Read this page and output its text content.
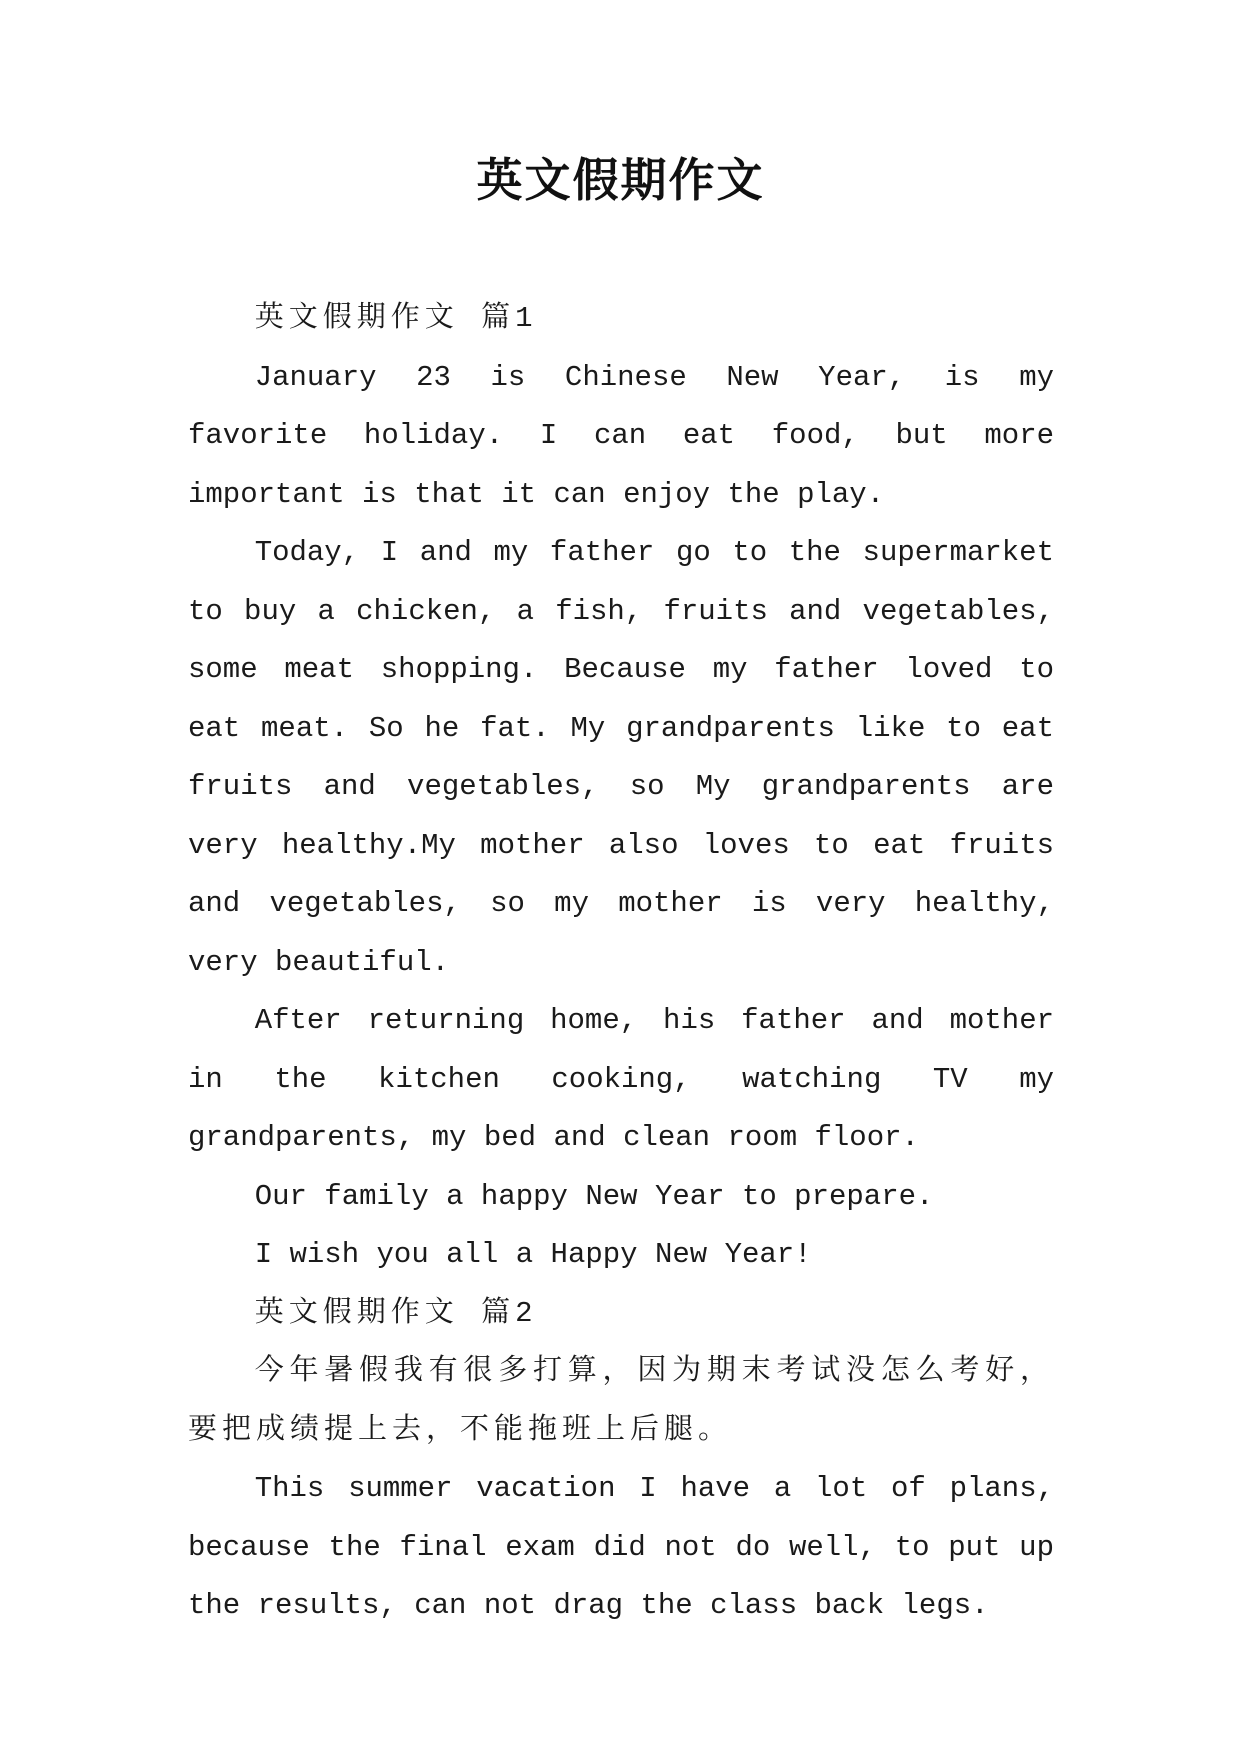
英文假期作文
英文假期作文 篇1

January 23 is Chinese New Year, is my favorite holiday. I can eat food, but more important is that it can enjoy the play.

Today, I and my father go to the supermarket to buy a chicken, a fish, fruits and vegetables, some meat shopping. Because my father loved to eat meat. So he fat. My grandparents like to eat fruits and vegetables, so My grandparents are very healthy.My mother also loves to eat fruits and vegetables, so my mother is very healthy, very beautiful.

After returning home, his father and mother in the kitchen cooking, watching TV my grandparents, my bed and clean room floor.

Our family a happy New Year to prepare.

I wish you all a Happy New Year!

英文假期作文 篇2

今年暑假我有很多打算，因为期末考试没怎么考好，要把成绩提上去，不能拖班上后腿。

This summer vacation I have a lot of plans, because the final exam did not do well, to put up the results, can not drag the class back legs.
